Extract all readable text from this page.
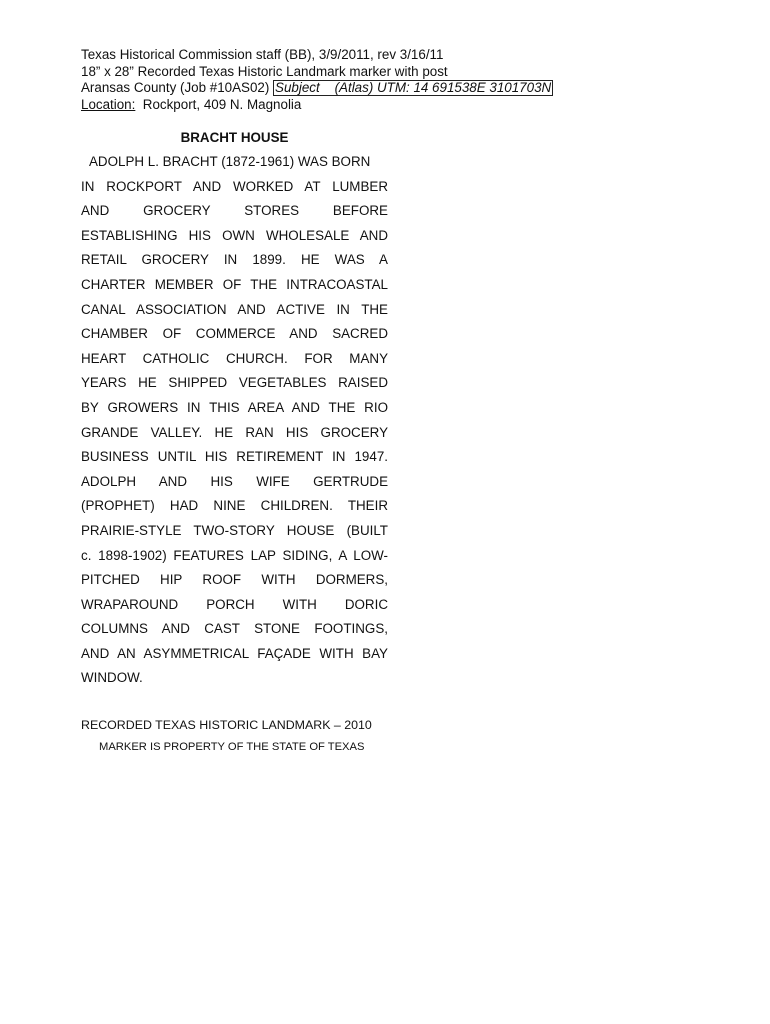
Texas Historical Commission staff (BB), 3/9/2011, rev 3/16/11
18” x 28” Recorded Texas Historic Landmark marker with post
Aransas County (Job #10AS02) Subject    (Atlas) UTM: 14 691538E 3101703N
Location:  Rockport, 409 N. Magnolia
BRACHT HOUSE
ADOLPH L. BRACHT (1872-1961) WAS BORN
IN ROCKPORT AND WORKED AT LUMBER
AND GROCERY STORES BEFORE
ESTABLISHING HIS OWN WHOLESALE AND
RETAIL GROCERY IN 1899. HE WAS A
CHARTER MEMBER OF THE INTRACOASTAL
CANAL ASSOCIATION AND ACTIVE IN THE
CHAMBER OF COMMERCE AND SACRED
HEART CATHOLIC CHURCH. FOR MANY
YEARS HE SHIPPED VEGETABLES RAISED
BY GROWERS IN THIS AREA AND THE RIO
GRANDE VALLEY. HE RAN HIS GROCERY
BUSINESS UNTIL HIS RETIREMENT IN 1947.
ADOLPH AND HIS WIFE GERTRUDE
(PROPHET) HAD NINE CHILDREN. THEIR
PRAIRIE-STYLE TWO-STORY HOUSE (BUILT
c. 1898-1902) FEATURES LAP SIDING, A LOW-
PITCHED HIP ROOF WITH DORMERS,
WRAPAROUND PORCH WITH DORIC
COLUMNS AND CAST STONE FOOTINGS,
AND AN ASYMMETRICAL FAÇADE WITH BAY
WINDOW.
RECORDED TEXAS HISTORIC LANDMARK – 2010
MARKER IS PROPERTY OF THE STATE OF TEXAS
